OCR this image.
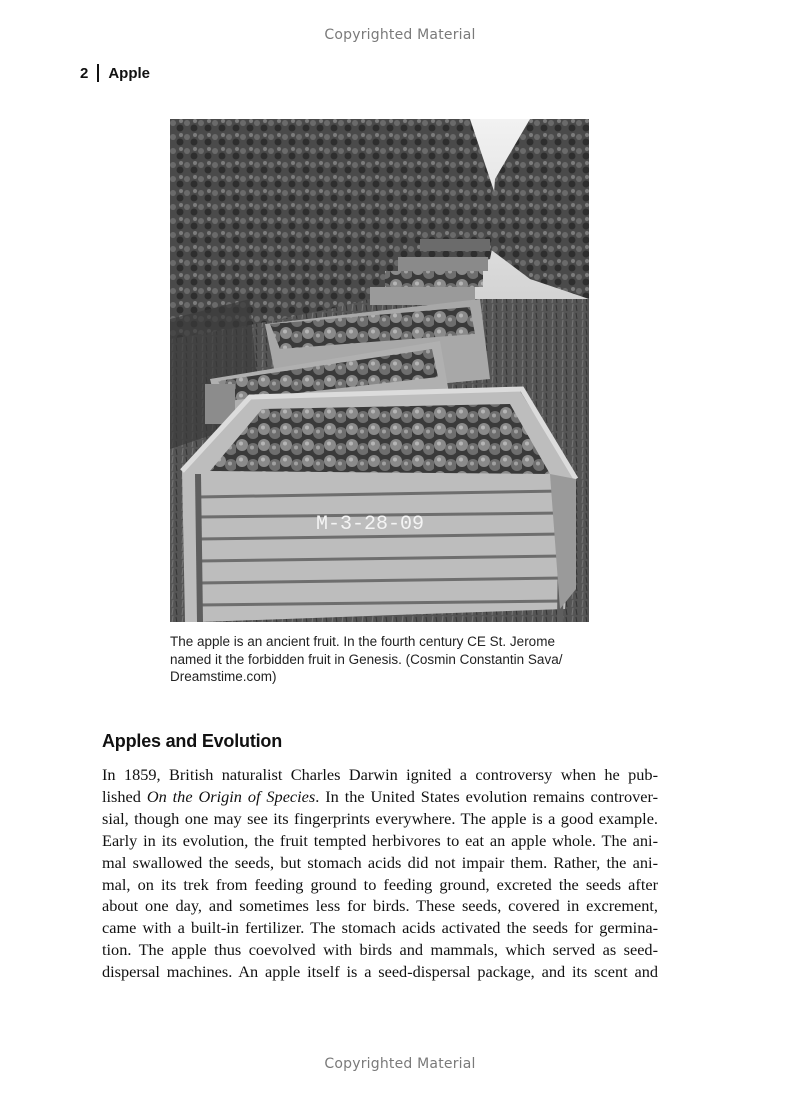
Copyrighted Material
2 Apple
M-3-28-09
The apple is an ancient fruit. In the fourth century CE St. Jerome
named it the forbidden fruit in Genesis. (Cosmin Constantin Sava/
Dreamstime.com)
Apples and Evolution
In 1859, British naturalist Charles Darwin ignited a controversy when he pub-
lished On the Origin of Species. In the United States evolution remains controver-
sial, though one may see its fingerprints everywhere. The apple is a good example.
Early in its evolution, the fruit tempted herbivores to eat an apple whole. The ani-
mal swallowed the seeds, but stomach acids did not impair them. Rather, the ani-
mal, on its trek from feeding ground to feeding ground, excreted the seeds after
about one day, and sometimes less for birds. These seeds, covered in excrement,
came with a built-in fertilizer. The stomach acids activated the seeds for germina-
tion. The apple thus coevolved with birds and mammals, which served as seed-
dispersal machines. An apple itself is a seed-dispersal package, and its scent and
Copyrighted Material
